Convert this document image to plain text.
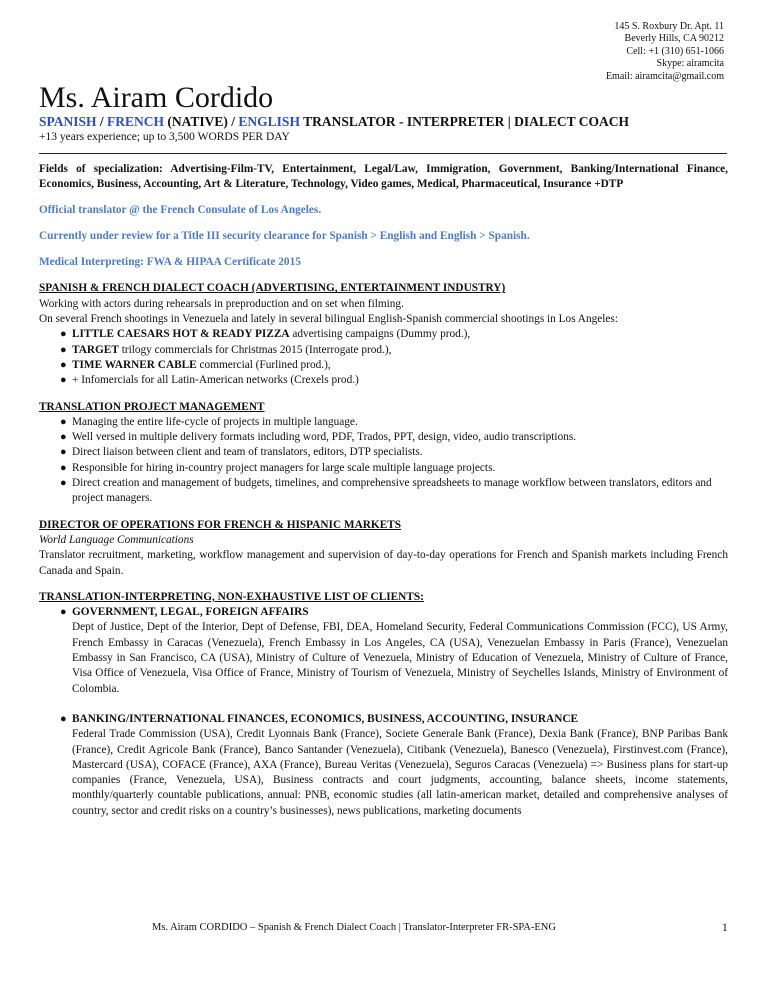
145 S. Roxbury Dr. Apt. 11
Beverly Hills, CA 90212
Cell: +1 (310) 651-1066
Skype: airamcita
Email: airamcita@gmail.com
Ms. Airam Cordido
SPANISH / FRENCH (NATIVE) / ENGLISH TRANSLATOR - INTERPRETER | DIALECT COACH
+13 years experience; up to 3,500 WORDS PER DAY

Fields of specialization: Advertising-Film-TV, Entertainment, Legal/Law, Immigration, Government, Banking/International Finance, Economics, Business, Accounting, Art & Literature, Technology, Video games, Medical, Pharmaceutical, Insurance +DTP

Official translator @ the French Consulate of Los Angeles.

Currently under review for a Title III security clearance for Spanish > English and English > Spanish.

Medical Interpreting: FWA & HIPAA Certificate 2015

SPANISH & FRENCH DIALECT COACH (ADVERTISING, ENTERTAINMENT INDUSTRY)

Working with actors during rehearsals in preproduction and on set when filming.

On several French shootings in Venezuela and lately in several bilingual English-Spanish commercial shootings in Los Angeles:

● LITTLE CAESARS HOT & READY PIZZA advertising campaigns (Dummy prod.),
● TARGET trilogy commercials for Christmas 2015 (Interrogate prod.),
● TIME WARNER CABLE commercial (Furlined prod.),
● + Infomercials for all Latin-American networks (Crexels prod.)

TRANSLATION PROJECT MANAGEMENT

● Managing the entire life-cycle of projects in multiple language.
● Well versed in multiple delivery formats including word, PDF, Trados, PPT, design, video, audio transcriptions.
● Direct liaison between client and team of translators, editors, DTP specialists.
● Responsible for hiring in-country project managers for large scale multiple language projects.
● Direct creation and management of budgets, timelines, and comprehensive spreadsheets to manage workflow between translators, editors and project managers.

DIRECTOR OF OPERATIONS FOR FRENCH & HISPANIC MARKETS

World Language Communications

Translator recruitment, marketing, workflow management and supervision of day-to-day operations for French and Spanish markets including French Canada and Spain.

TRANSLATION-INTERPRETING, NON-EXHAUSTIVE LIST OF CLIENTS:

● GOVERNMENT, LEGAL, FOREIGN AFFAIRS
Dept of Justice, Dept of the Interior, Dept of Defense, FBI, DEA, Homeland Security, Federal Communications Commission (FCC), US Army, French Embassy in Caracas (Venezuela), French Embassy in Los Angeles, CA (USA), Venezuelan Embassy in Paris (France), Venezuelan Embassy in San Francisco, CA (USA), Ministry of Culture of Venezuela, Ministry of Education of Venezuela, Ministry of Culture of France, Visa Office of Venezuela, Visa Office of France, Ministry of Tourism of Venezuela, Ministry of Seychelles Islands, Ministry of Environment of Colombia.
● BANKING/INTERNATIONAL FINANCES, ECONOMICS, BUSINESS, ACCOUNTING, INSURANCE
Federal Trade Commission (USA), Credit Lyonnais Bank (France), Societe Generale Bank (France), Dexia Bank (France), BNP Paribas Bank (France), Credit Agricole Bank (France), Banco Santander (Venezuela), Citibank (Venezuela), Banesco (Venezuela), Firstinvest.com (France), Mastercard (USA), COFACE (France), AXA (France), Bureau Veritas (Venezuela), Seguros Caracas (Venezuela) => Business plans for start-up companies (France, Venezuela, USA), Business contracts and court judgments, accounting, balance sheets, income statements, monthly/quarterly countable publications, annual: PNB, economic studies (all latin-american market, detailed and comprehensive analyses of country, sector and credit risks on a country’s businesses), news publications, marketing documents
Ms. Airam CORDIDO – Spanish & French Dialect Coach | Translator-Interpreter FR-SPA-ENG	1
